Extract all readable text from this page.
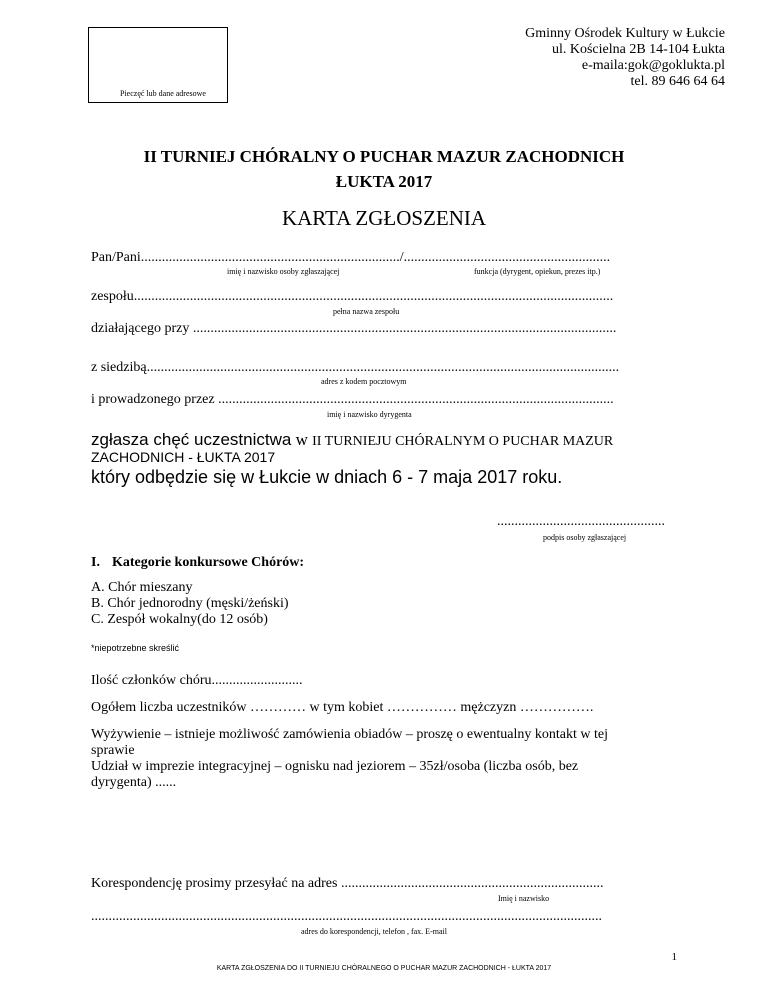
Pieczęć lub dane adresowe
Gminny Ośrodek Kultury w Łukcie
ul. Kościelna 2B 14-104 Łukta
e-maila:gok@goklukta.pl
tel. 89 646 64 64
II TURNIEJ CHÓRALNY O PUCHAR MAZUR ZACHODNICH
ŁUKTA 2017
KARTA ZGŁOSZENIA
Pan/Pani........................................................................../...........................................................
imię i nazwisko osoby zgłaszającej	funkcja (dyrygent, opiekun, prezes itp.)
zespołu.........................................................................................................................................
pełna nazwa zespołu
działającego przy .........................................................................................................................
z siedzibą.......................................................................................................................................
adres z kodem pocztowym
i prowadzonego przez .................................................................................................................
imię i nazwisko dyrygenta
zgłasza chęć uczestnictwa w II TURNIEJU CHÓRALNYM O PUCHAR MAZUR
ZACHODNICH - ŁUKTA 2017
który odbędzie się w Łukcie w dniach 6 - 7 maja 2017 roku.
................................................
podpis osoby zgłaszającej
I. Kategorie konkursowe Chórów:
A. Chór mieszany
B. Chór jednorodny (męski/żeński)
C. Zespół wokalny(do 12 osób)
*niepotrzebne skreślić
Ilość członków chóru..........................
Ogółem liczba uczestników ………… w tym kobiet …………… mężczyzn …………….
Wyżywienie – istnieje możliwość zamówienia obiadów – proszę o ewentualny kontakt w tej
sprawie
Udział w imprezie integracyjnej – ognisku nad jeziorem – 35zł/osoba (liczba osób, bez
dyrygenta) ......
Korespondencję prosimy przesyłać na adres ...........................................................................
Imię i nazwisko
..................................................................................................................................................
adres do korespondencji, telefon , fax. E-mail
1
KARTA ZGŁOSZENIA DO II TURNIEJU CHÓRALNEGO O PUCHAR MAZUR ZACHODNICH - ŁUKTA 2017
